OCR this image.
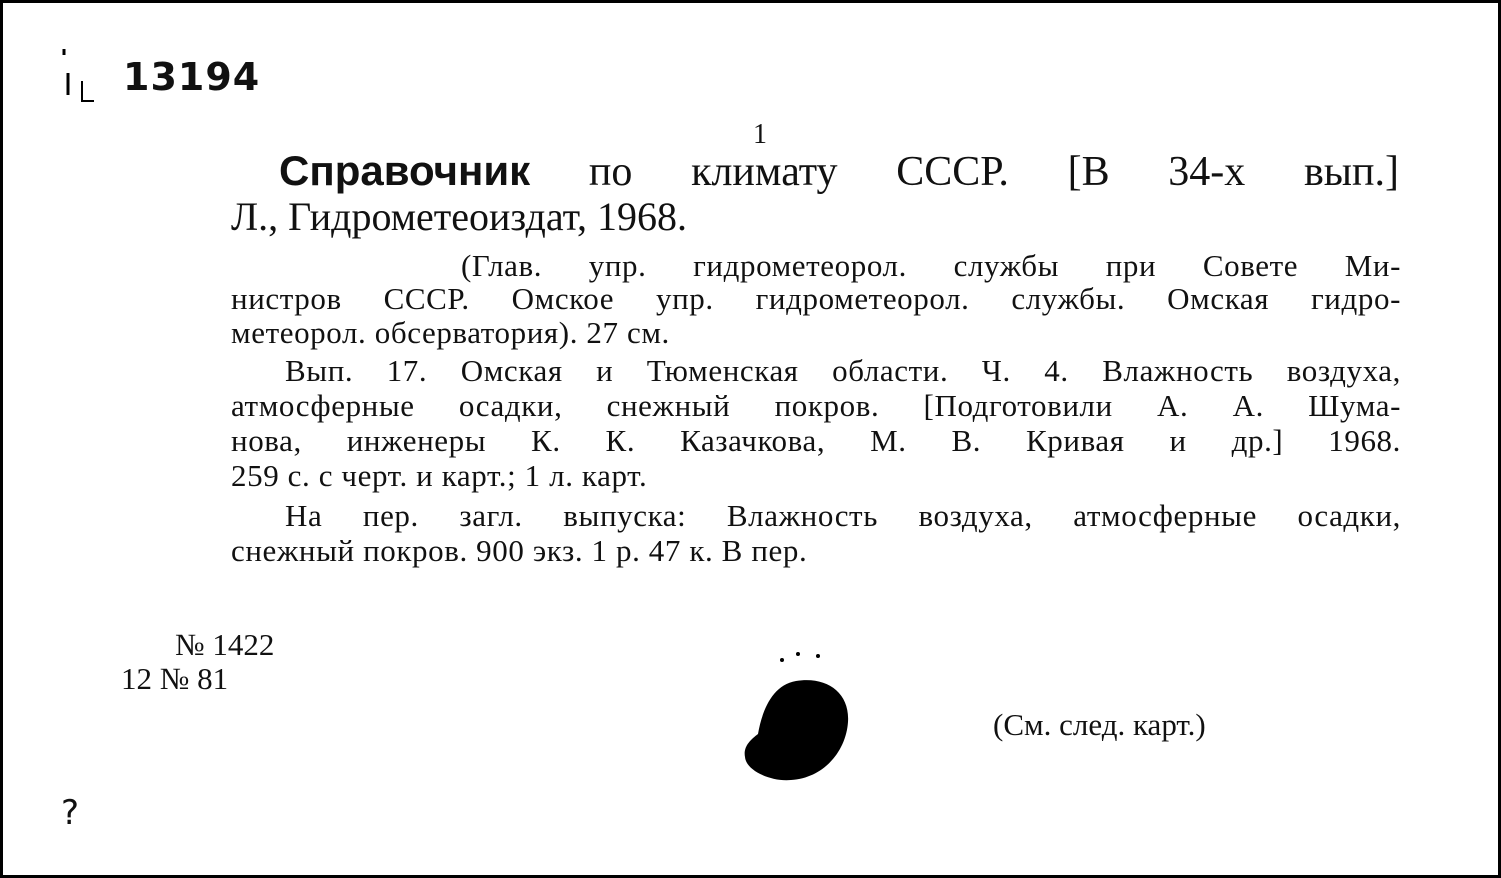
13194
1
Справочник по климату СССР. [В 34-х вып.]
Л., Гидрометеоиздат, 1968.
(Глав. упр. гидрометеорол. службы при Совете Ми-
нистров СССР. Омское упр. гидрометеорол. службы. Омская гидро-
метеорол. обсерватория). 27 см.
Вып. 17. Омская и Тюменская области. Ч. 4. Влажность воздуха,
атмосферные осадки, снежный покров. [Подготовили А. А. Шума-
нова, инженеры К. К. Казачкова, М. В. Кривая и др.] 1968.
259 с. с черт. и карт.; 1 л. карт.
На пер. загл. выпуска: Влажность воздуха, атмосферные осадки,
снежный покров. 900 экз. 1 р. 47 к. В пер.
№ 1422
12 № 81
(См. след. карт.)
?
